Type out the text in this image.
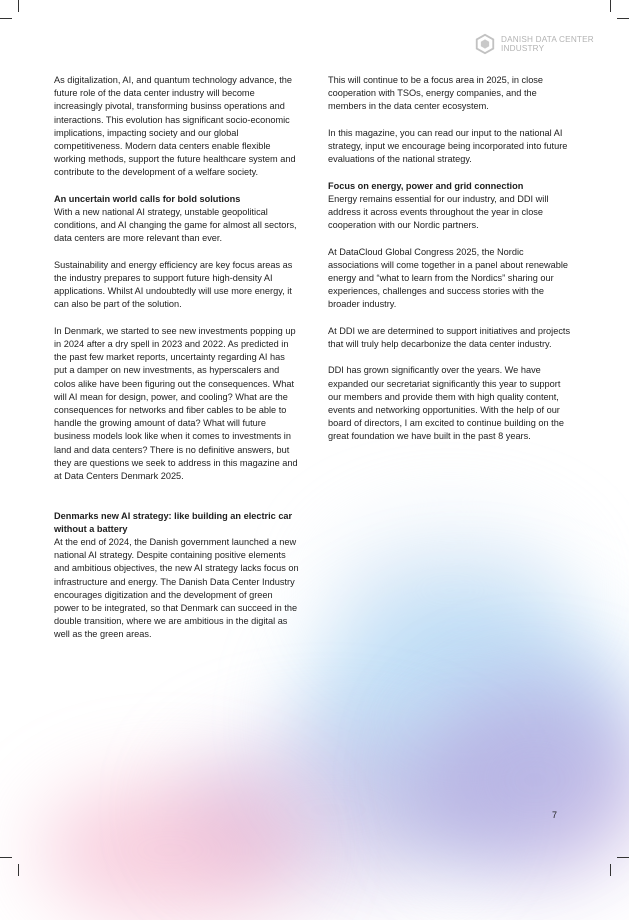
DANISH DATA CENTER
INDUSTRY

As digitalization, AI, and quantum technology advance, the future role of the data center industry will become increasingly pivotal, transforming businss operations and interactions. This evolution has significant socio-economic implications, impacting society and our global competitiveness. Modern data centers enable flexible working methods, support the future healthcare system and contribute to the development of a welfare society.

An uncertain world calls for bold solutions

With a new national AI strategy, unstable geopolitical conditions, and AI changing the game for almost all sectors, data centers are more relevant than ever.

Sustainability and energy efficiency are key focus areas as the industry prepares to support future high-density AI applications. Whilst AI undoubtedly will use more energy, it can also be part of the solution.

In Denmark, we started to see new investments popping up in 2024 after a dry spell in 2023 and 2022. As predicted in the past few market reports, uncertainty regarding AI has put a damper on new investments, as hyperscalers and colos alike have been figuring out the consequences. What will AI mean for design, power, and cooling? What are the consequences for networks and fiber cables to be able to handle the growing amount of data? What will future business models look like when it comes to investments in land and data centers? There is no definitive answers, but they are questions we seek to address in this magazine and at Data Centers Denmark 2025.

Denmarks new AI strategy: like building an electric car without a battery

At the end of 2024, the Danish government launched a new national AI strategy. Despite containing positive elements and ambitious objectives, the new AI strategy lacks focus on infrastructure and energy. The Danish Data Center Industry encourages digitization and the development of green power to be integrated, so that Denmark can succeed in the double transition, where we are ambitious in the digital as well as the green areas.

This will continue to be a focus area in 2025, in close cooperation with TSOs, energy companies, and the members in the data center ecosystem.

In this magazine, you can read our input to the national AI strategy, input we encourage being incorporated into future evaluations of the national strategy.

Focus on energy, power and grid connection

Energy remains essential for our industry, and DDI will address it across events throughout the year in close cooperation with our Nordic partners.

At DataCloud Global Congress 2025, the Nordic associations will come together in a panel about renewable energy and “what to learn from the Nordics” sharing our experiences, challenges and success stories with the broader industry.

At DDI we are determined to support initiatives and projects that will truly help decarbonize the data center industry.

DDI has grown significantly over the years. We have expanded our secretariat significantly this year to support our members and provide them with high quality content, events and networking opportunities. With the help of our board of directors, I am excited to continue building on the great foundation we have built in the past 8 years.

7
